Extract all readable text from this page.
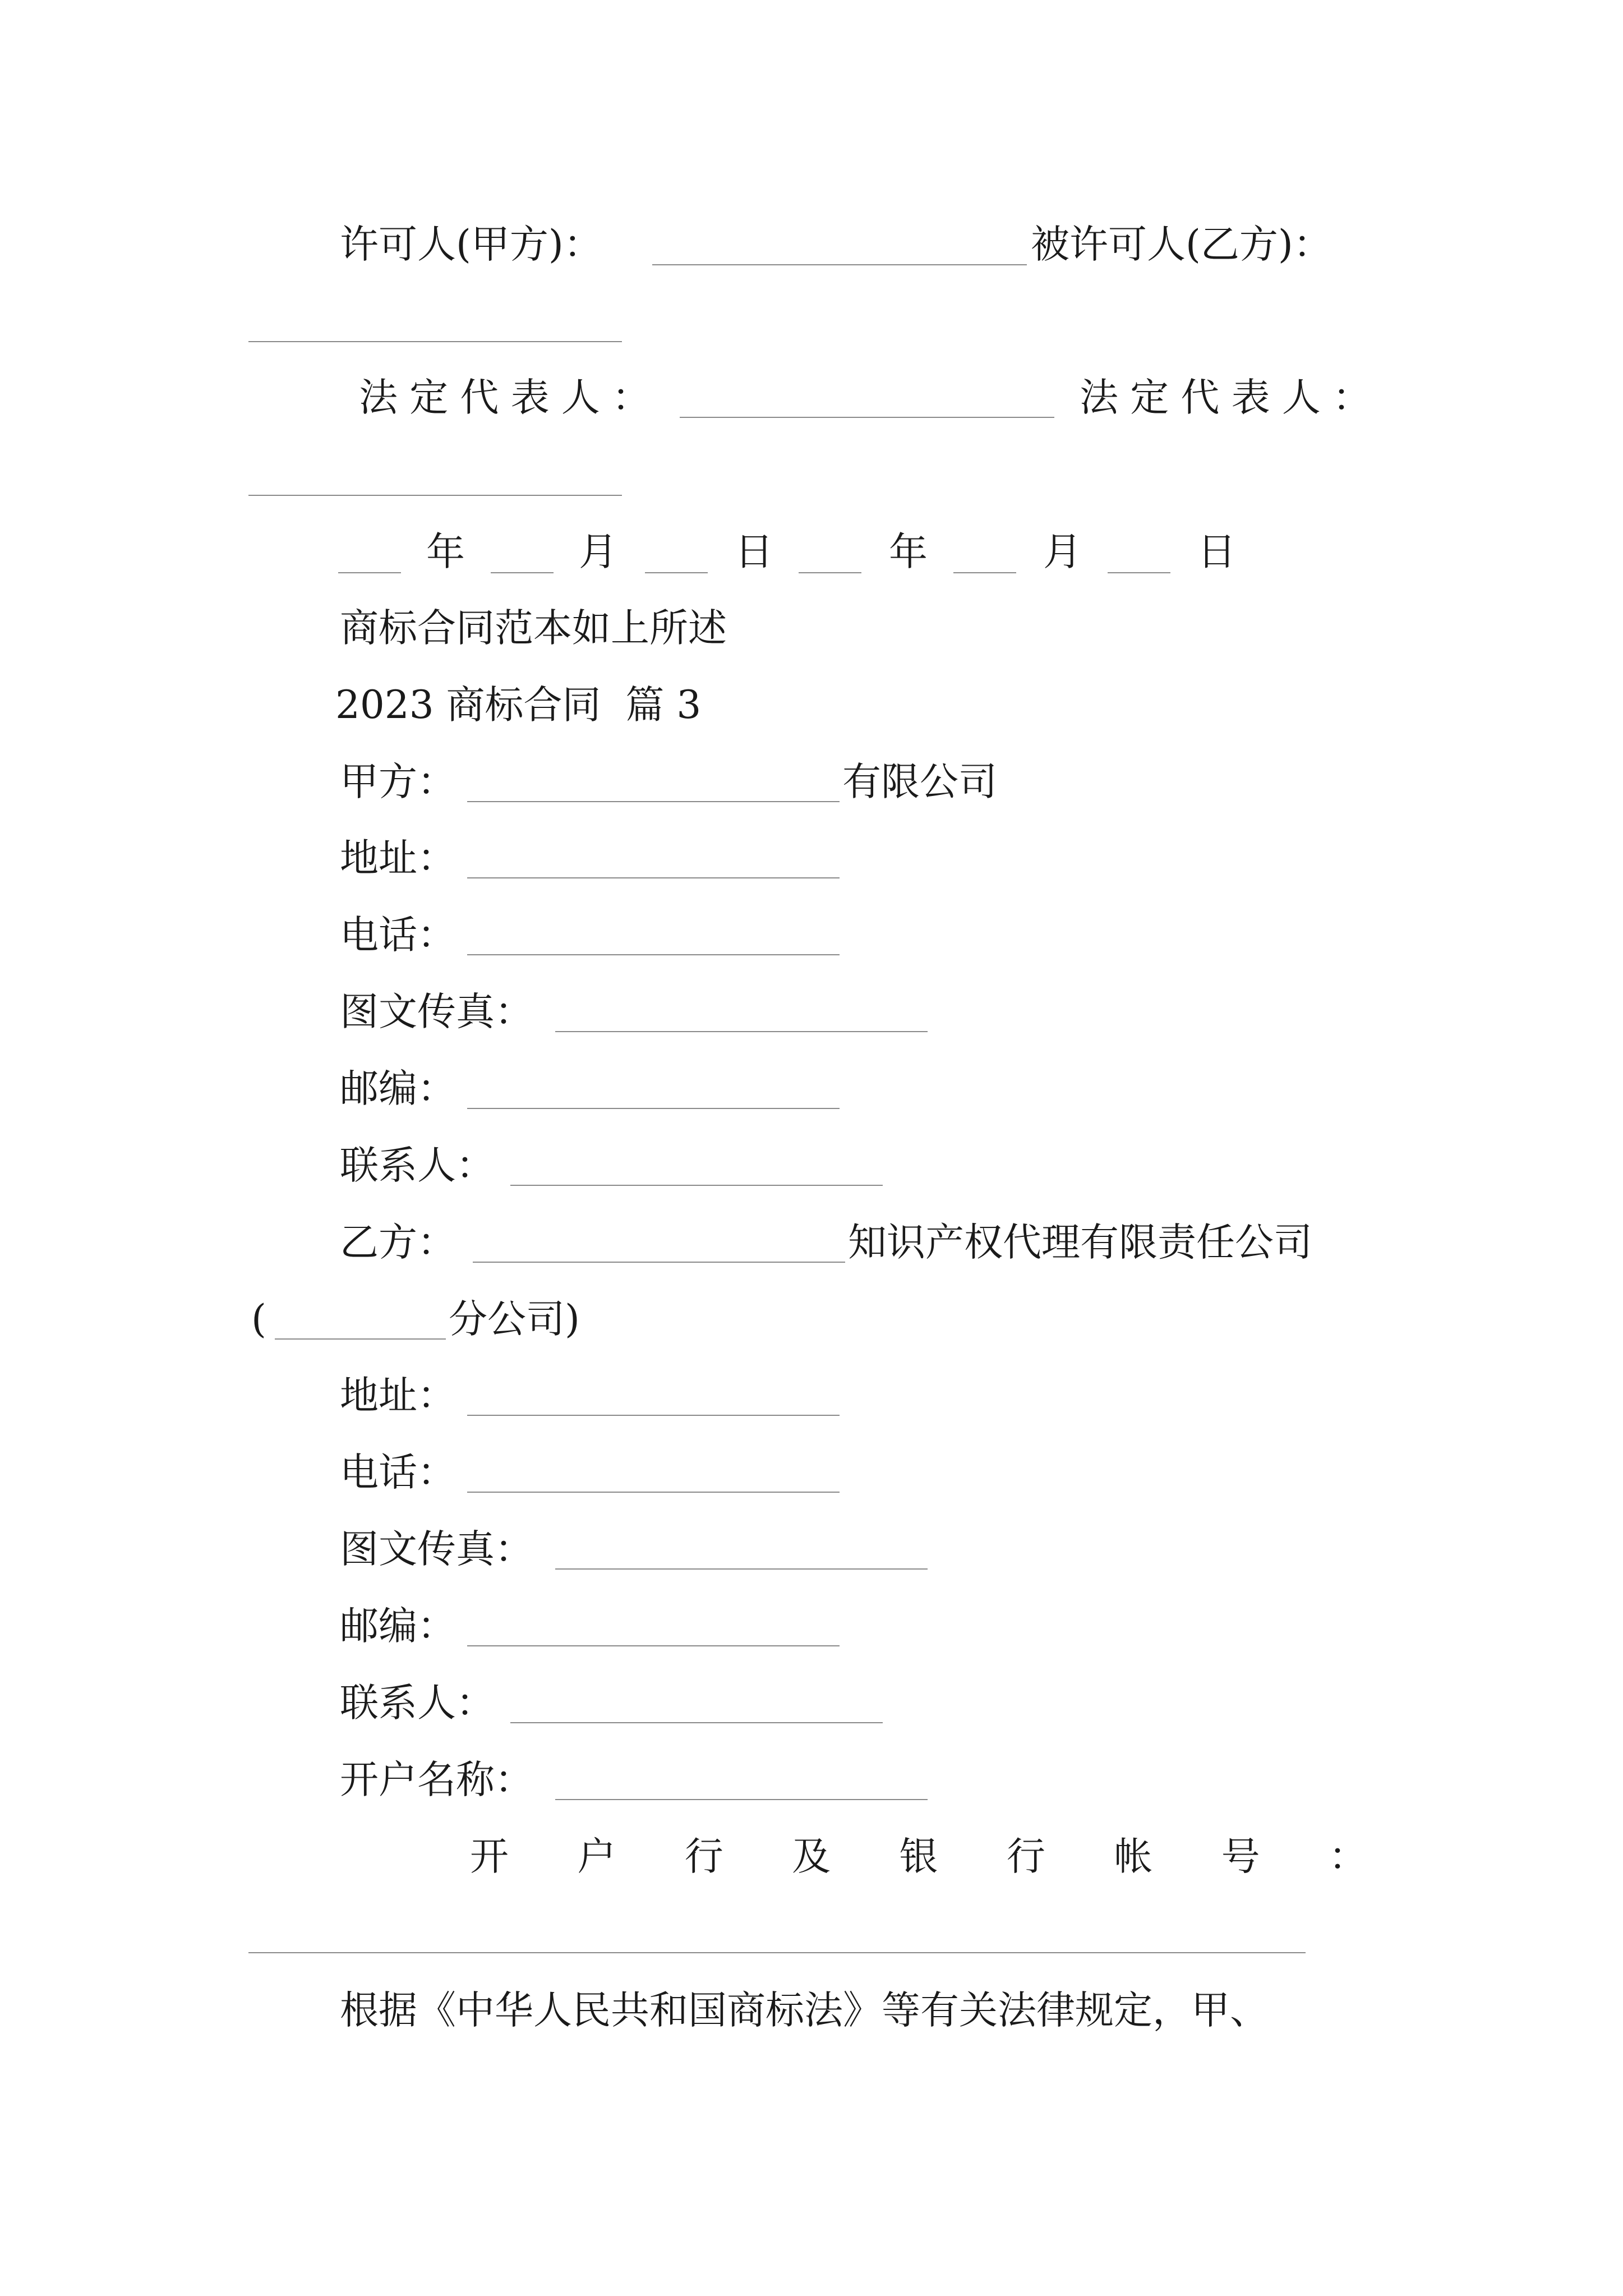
许可人(甲方)：	被许可人(乙方)：
法 定 代 表 人 ：	法 定 代 表 人 ：
年	月	日	年	月	日
商标合同范本如上所述
2023 商标合同  篇 3
甲方：	有限公司
地址：
电话：
图文传真：
邮编：
联系人：
乙方：	知识产权代理有限责任公司
(	分公司)
地址：
电话：
图文传真：
邮编：
联系人：
开户名称：
开 户 行 及 银 行 帐 号 ：
根据《中华人民共和国商标法》等有关法律规定，甲、
